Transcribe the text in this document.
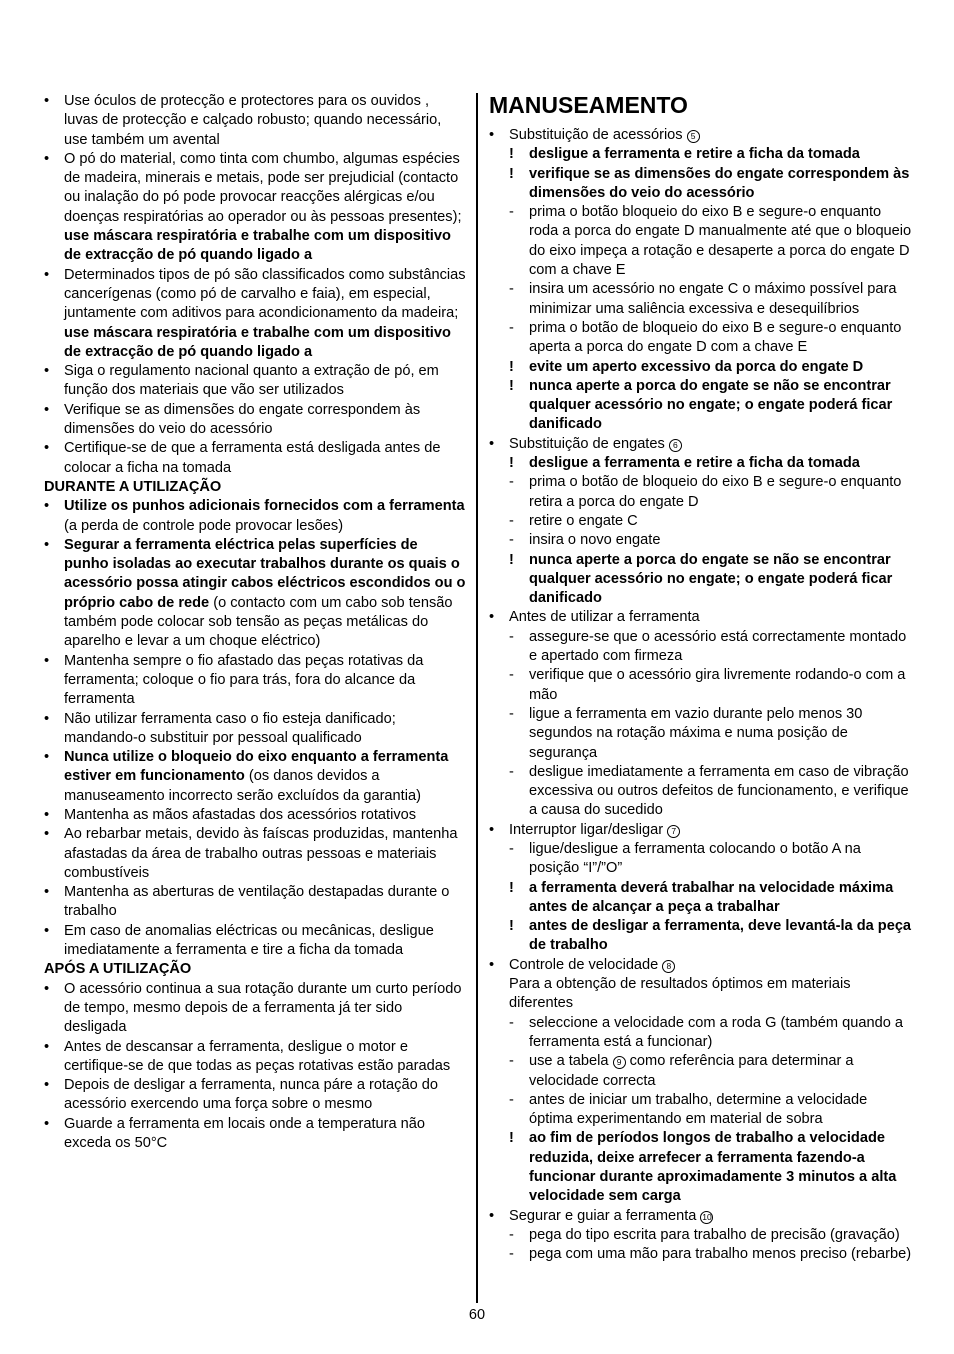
• Use óculos de protecção e protectores para os ouvidos , luvas de protecção e calçado robusto; quando necessário, use também um avental
• O pó do material, como tinta com chumbo, algumas espécies de madeira, minerais e metais, pode ser prejudicial (contacto ou inalação do pó pode provocar reacções alérgicas e/ou doenças respiratórias ao operador ou às pessoas presentes); use máscara respiratória e trabalhe com um dispositivo de extracção de pó quando ligado a
• Determinados tipos de pó são classificados como substâncias cancerígenas (como pó de carvalho e faia), em especial, juntamente com aditivos para acondicionamento da madeira; use máscara respiratória e trabalhe com um dispositivo de extracção de pó quando ligado a
• Siga o regulamento nacional quanto a extração de pó, em função dos materiais que vão ser utilizados
• Verifique se as dimensões do engate correspondem às dimensões do veio do acessório
• Certifique-se de que a ferramenta está desligada antes de colocar a ficha na tomada
DURANTE A UTILIZAÇÃO
• Utilize os punhos adicionais fornecidos com a ferramenta (a perda de controle pode provocar lesões)
• Segurar a ferramenta eléctrica pelas superfícies de punho isoladas ao executar trabalhos durante os quais o acessório possa atingir cabos eléctricos escondidos ou o próprio cabo de rede (o contacto com um cabo sob tensão também pode colocar sob tensão as peças metálicas do aparelho e levar a um choque eléctrico)
• Mantenha sempre o fio afastado das peças rotativas da ferramenta; coloque o fio para trás, fora do alcance da ferramenta
• Não utilizar ferramenta caso o fio esteja danificado; mandando-o substituir por pessoal qualificado
• Nunca utilize o bloqueio do eixo enquanto a ferramenta estiver em funcionamento (os danos devidos a manuseamento incorrecto serão excluídos da garantia)
• Mantenha as mãos afastadas dos acessórios rotativos
• Ao rebarbar metais, devido às faíscas produzidas, mantenha afastadas da área de trabalho outras pessoas e materiais combustíveis
• Mantenha as aberturas de ventilação destapadas durante o trabalho
• Em caso de anomalias eléctricas ou mecânicas, desligue imediatamente a ferramenta e tire a ficha da tomada
APÓS A UTILIZAÇÃO
• O acessório continua a sua rotação durante um curto período de tempo, mesmo depois de a ferramenta já ter sido desligada
• Antes de descansar a ferramenta, desligue o motor e certifique-se de que todas as peças rotativas estão paradas
• Depois de desligar a ferramenta, nunca páre a rotação do acessório exercendo uma força sobre o mesmo
• Guarde a ferramenta em locais onde a temperatura não exceda os 50°C
MANUSEAMENTO
• Substituição de acessórios 5
! desligue a ferramenta e retire a ficha da tomada
! verifique se as dimensões do engate correspondem às dimensões do veio do acessório
- prima o botão bloqueio do eixo B e segure-o enquanto roda a porca do engate D manualmente até que o bloqueio do eixo impeça a rotação e desaperte a porca do engate D com a chave E
- insira um acessório no engate C o máximo possível para minimizar uma saliência excessiva e desequilíbrios
- prima o botão de bloqueio do eixo B e segure-o enquanto aperta a porca do engate D com a chave E
! evite um aperto excessivo da porca do engate D
! nunca aperte a porca do engate se não se encontrar qualquer acessório no engate; o engate poderá ficar danificado
• Substituição de engates 6
! desligue a ferramenta e retire a ficha da tomada
- prima o botão de bloqueio do eixo B e segure-o enquanto retira a porca do engate D
- retire o engate C
- insira o novo engate
! nunca aperte a porca do engate se não se encontrar qualquer acessório no engate; o engate poderá ficar danificado
• Antes de utilizar a ferramenta
- assegure-se que o acessório está correctamente montado e apertado com firmeza
- verifique que o acessório gira livremente rodando-o com a mão
- ligue a ferramenta em vazio durante pelo menos 30 segundos na rotação máxima e numa posição de segurança
- desligue imediatamente a ferramenta em caso de vibração excessiva ou outros defeitos de funcionamento, e verifique a causa do sucedido
• Interruptor ligar/desligar 7
- ligue/desligue a ferramenta colocando o botão A na posição “I”/”O”
! a ferramenta deverá trabalhar na velocidade máxima antes de alcançar a peça a trabalhar
! antes de desligar a ferramenta, deve levantá-la da peça de trabalho
• Controle de velocidade 8
Para a obtenção de resultados óptimos em materiais diferentes
- seleccione a velocidade com a roda G (também quando a ferramenta está a funcionar)
- use a tabela 9 como referência para determinar a velocidade correcta
- antes de iniciar um trabalho, determine a velocidade óptima experimentando em material de sobra
! ao fim de períodos longos de trabalho a velocidade reduzida, deixe arrefecer a ferramenta fazendo-a funcionar durante aproximadamente 3 minutos a alta velocidade sem carga
• Segurar e guiar a ferramenta 10
- pega do tipo escrita para trabalho de precisão (gravação)
- pega com uma mão para trabalho menos preciso (rebarbe)
60
